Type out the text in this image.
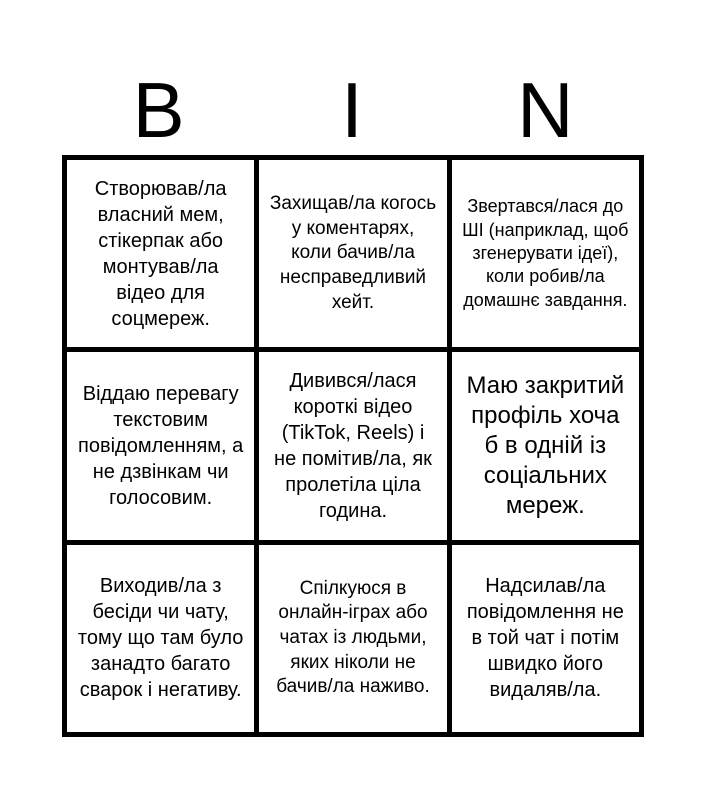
B	I	N
Створював/ла власний мем, стікерпак або монтував/ла відео для соцмереж.
Захищав/ла когось у коментарях, коли бачив/ла несправедливий хейт.
Звертався/лася до ШІ (наприклад, щоб згенерувати ідеї), коли робив/ла домашнє завдання.
Віддаю перевагу текстовим повідомленням, а не дзвінкам чи голосовим.
Дивився/лася короткі відео (TikTok, Reels) і не помітив/ла, як пролетіла ціла година.
Маю закритий профіль хоча б в одній із соціальних мереж.
Виходив/ла з бесіди чи чату, тому що там було занадто багато сварок і негативу.
Спілкуюся в онлайн-іграх або чатах із людьми, яких ніколи не бачив/ла наживо.
Надсилав/ла повідомлення не в той чат і потім швидко його видаляв/ла.
